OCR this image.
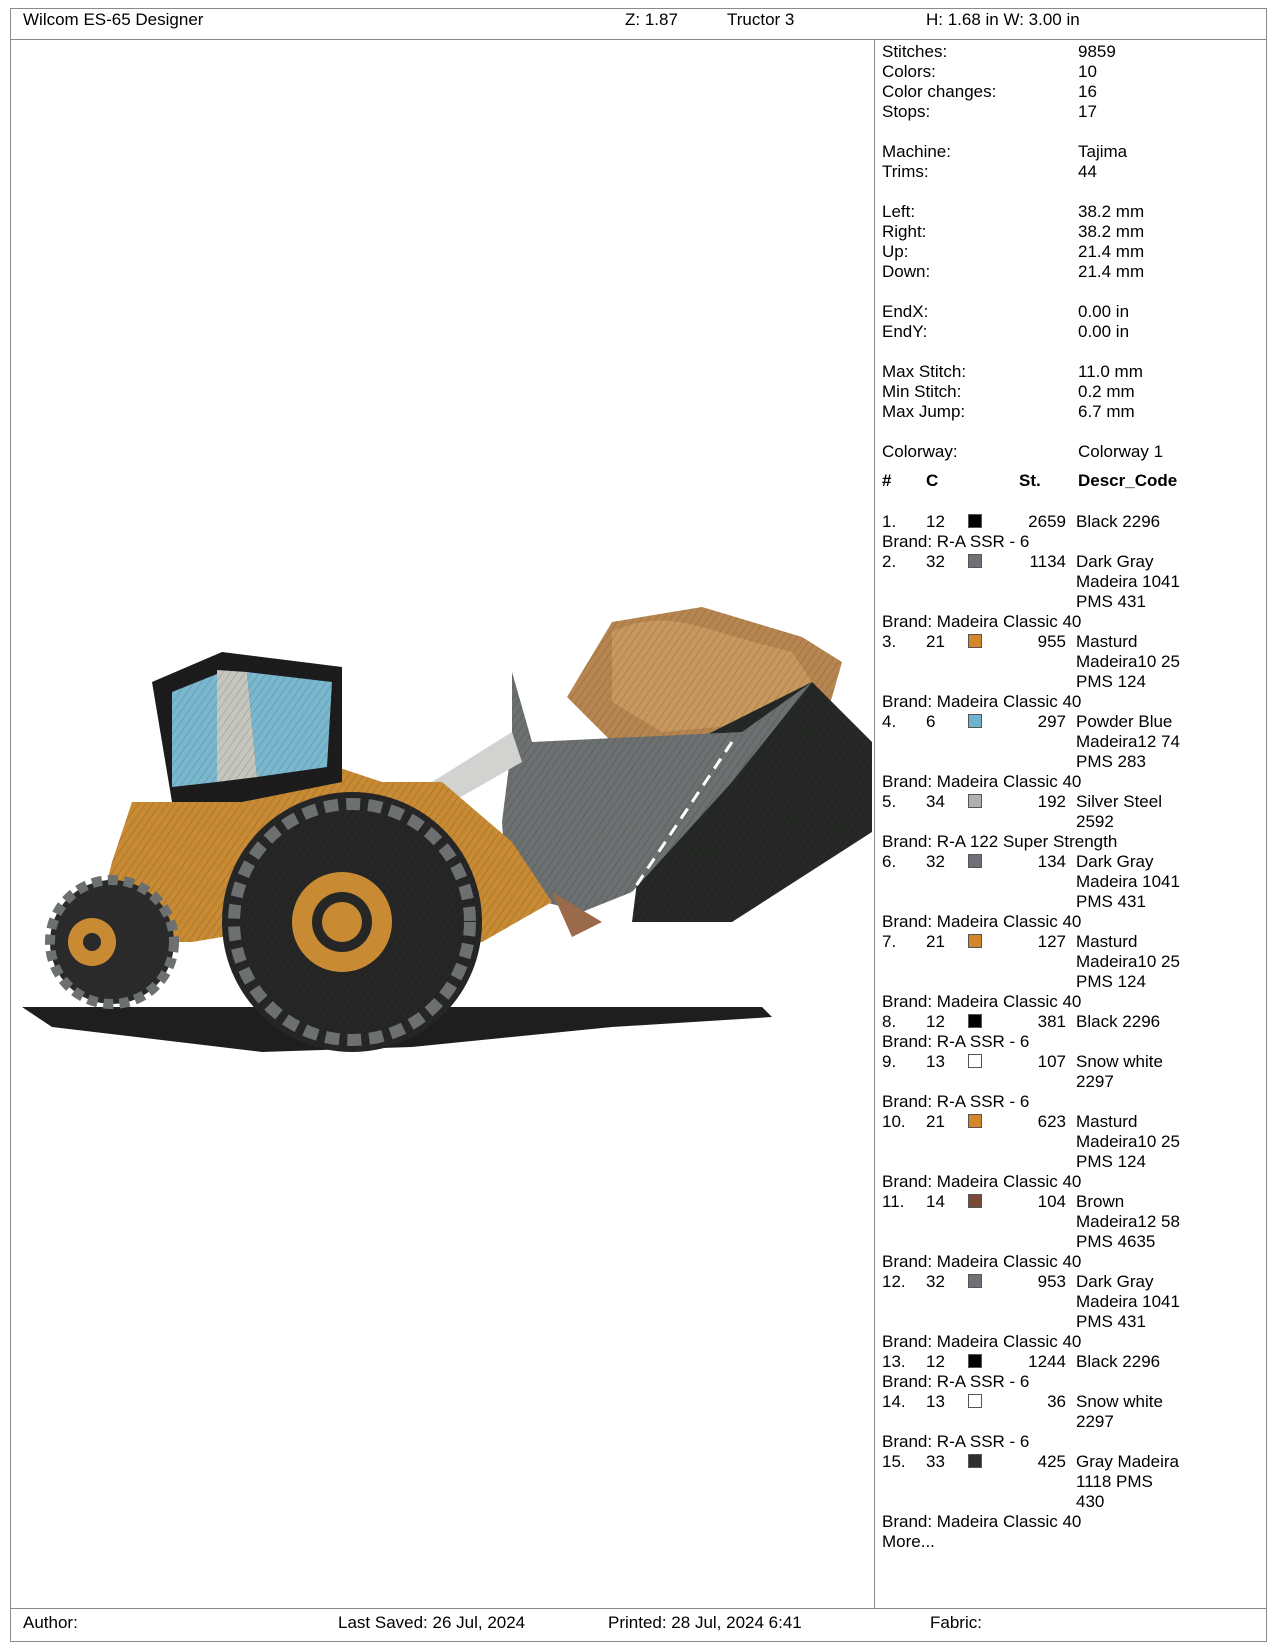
Wilcom ES-65 Designer	Z: 1.87	Tructor 3	H: 1.68 in W: 3.00 in
Stitches:	9859
Colors:	10
Color changes:	16
Stops:	17
Machine:	Tajima
Trims:	44
Left:	38.2 mm
Right:	38.2 mm
Up:	21.4 mm
Down:	21.4 mm
EndX:	0.00 in
EndY:	0.00 in
Max Stitch:	11.0 mm
Min Stitch:	0.2 mm
Max Jump:	6.7 mm
Colorway:	Colorway 1
# C	St. Descr_Code
1. 12	2659 Black 2296
Brand: R-A SSR - 6
2. 32	1134 Dark Gray
Madeira 1041
PMS 431
Brand: Madeira Classic 40
3. 21	955 Masturd
Madeira10 25
PMS 124
Brand: Madeira Classic 40
4. 6	297 Powder Blue
Madeira12 74
PMS 283
Brand: Madeira Classic 40
5. 34	192 Silver Steel
2592
Brand: R-A 122 Super Strength
6. 32	134 Dark Gray
Madeira 1041
PMS 431
Brand: Madeira Classic 40
7. 21	127 Masturd
Madeira10 25
PMS 124
Brand: Madeira Classic 40
8. 12	381 Black 2296
Brand: R-A SSR - 6
9. 13	107 Snow white
2297
Brand: R-A SSR - 6
10. 21	623 Masturd
Madeira10 25
PMS 124
Brand: Madeira Classic 40
11. 14	104 Brown
Madeira12 58
PMS 4635
Brand: Madeira Classic 40
12. 32	953 Dark Gray
Madeira 1041
PMS 431
Brand: Madeira Classic 40
13. 12	1244 Black 2296
Brand: R-A SSR - 6
14. 13	36 Snow white
2297
Brand: R-A SSR - 6
15. 33	425 Gray Madeira
1118 PMS
430
Brand: Madeira Classic 40
More...
Author:	Last Saved: 26 Jul, 2024	Printed: 28 Jul, 2024 6:41	Fabric:
